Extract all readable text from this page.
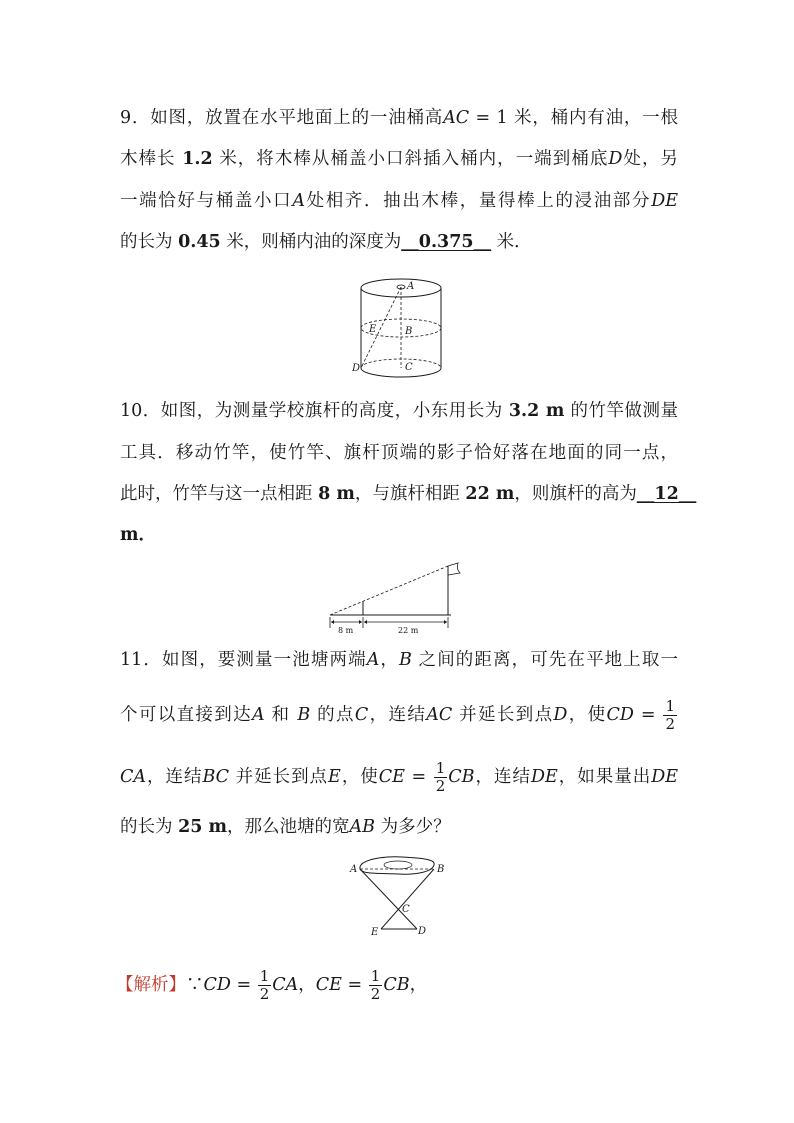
9．如图，放置在水平地面上的一油桶高AC = 1 米，桶内有油，一根
木棒长 1.2 米，将木棒从桶盖小口斜插入桶内，一端到桶底D处，另
一端恰好与桶盖小口A处相齐．抽出木棒，量得棒上的浸油部分DE
的长为 0.45 米，则桶内油的深度为__0.375__ 米．
A
B
C
D
E
10．如图，为测量学校旗杆的高度，小东用长为 3.2 m 的竹竿做测量
工具．移动竹竿，使竹竿、旗杆顶端的影子恰好落在地面的同一点，
此时，竹竿与这一点相距 8 m，与旗杆相距 22 m，则旗杆的高为__12__
m．
8 m	22 m
11．如图，要测量一池塘两端A，B 之间的距离，可先在平地上取一
个可以直接到达A 和 B 的点C，连结AC 并延长到点D，使CD = $\frac{1}{2}$
CA，连结BC 并延长到点E，使CE = $\frac{1}{2}$ CB，连结DE，如果量出DE
的长为 25 m，那么池塘的宽AB 为多少？
A	B
C
D
E
【解析】∵CD = $\frac{1}{2}$ CA，CE = $\frac{1}{2}$ CB，
